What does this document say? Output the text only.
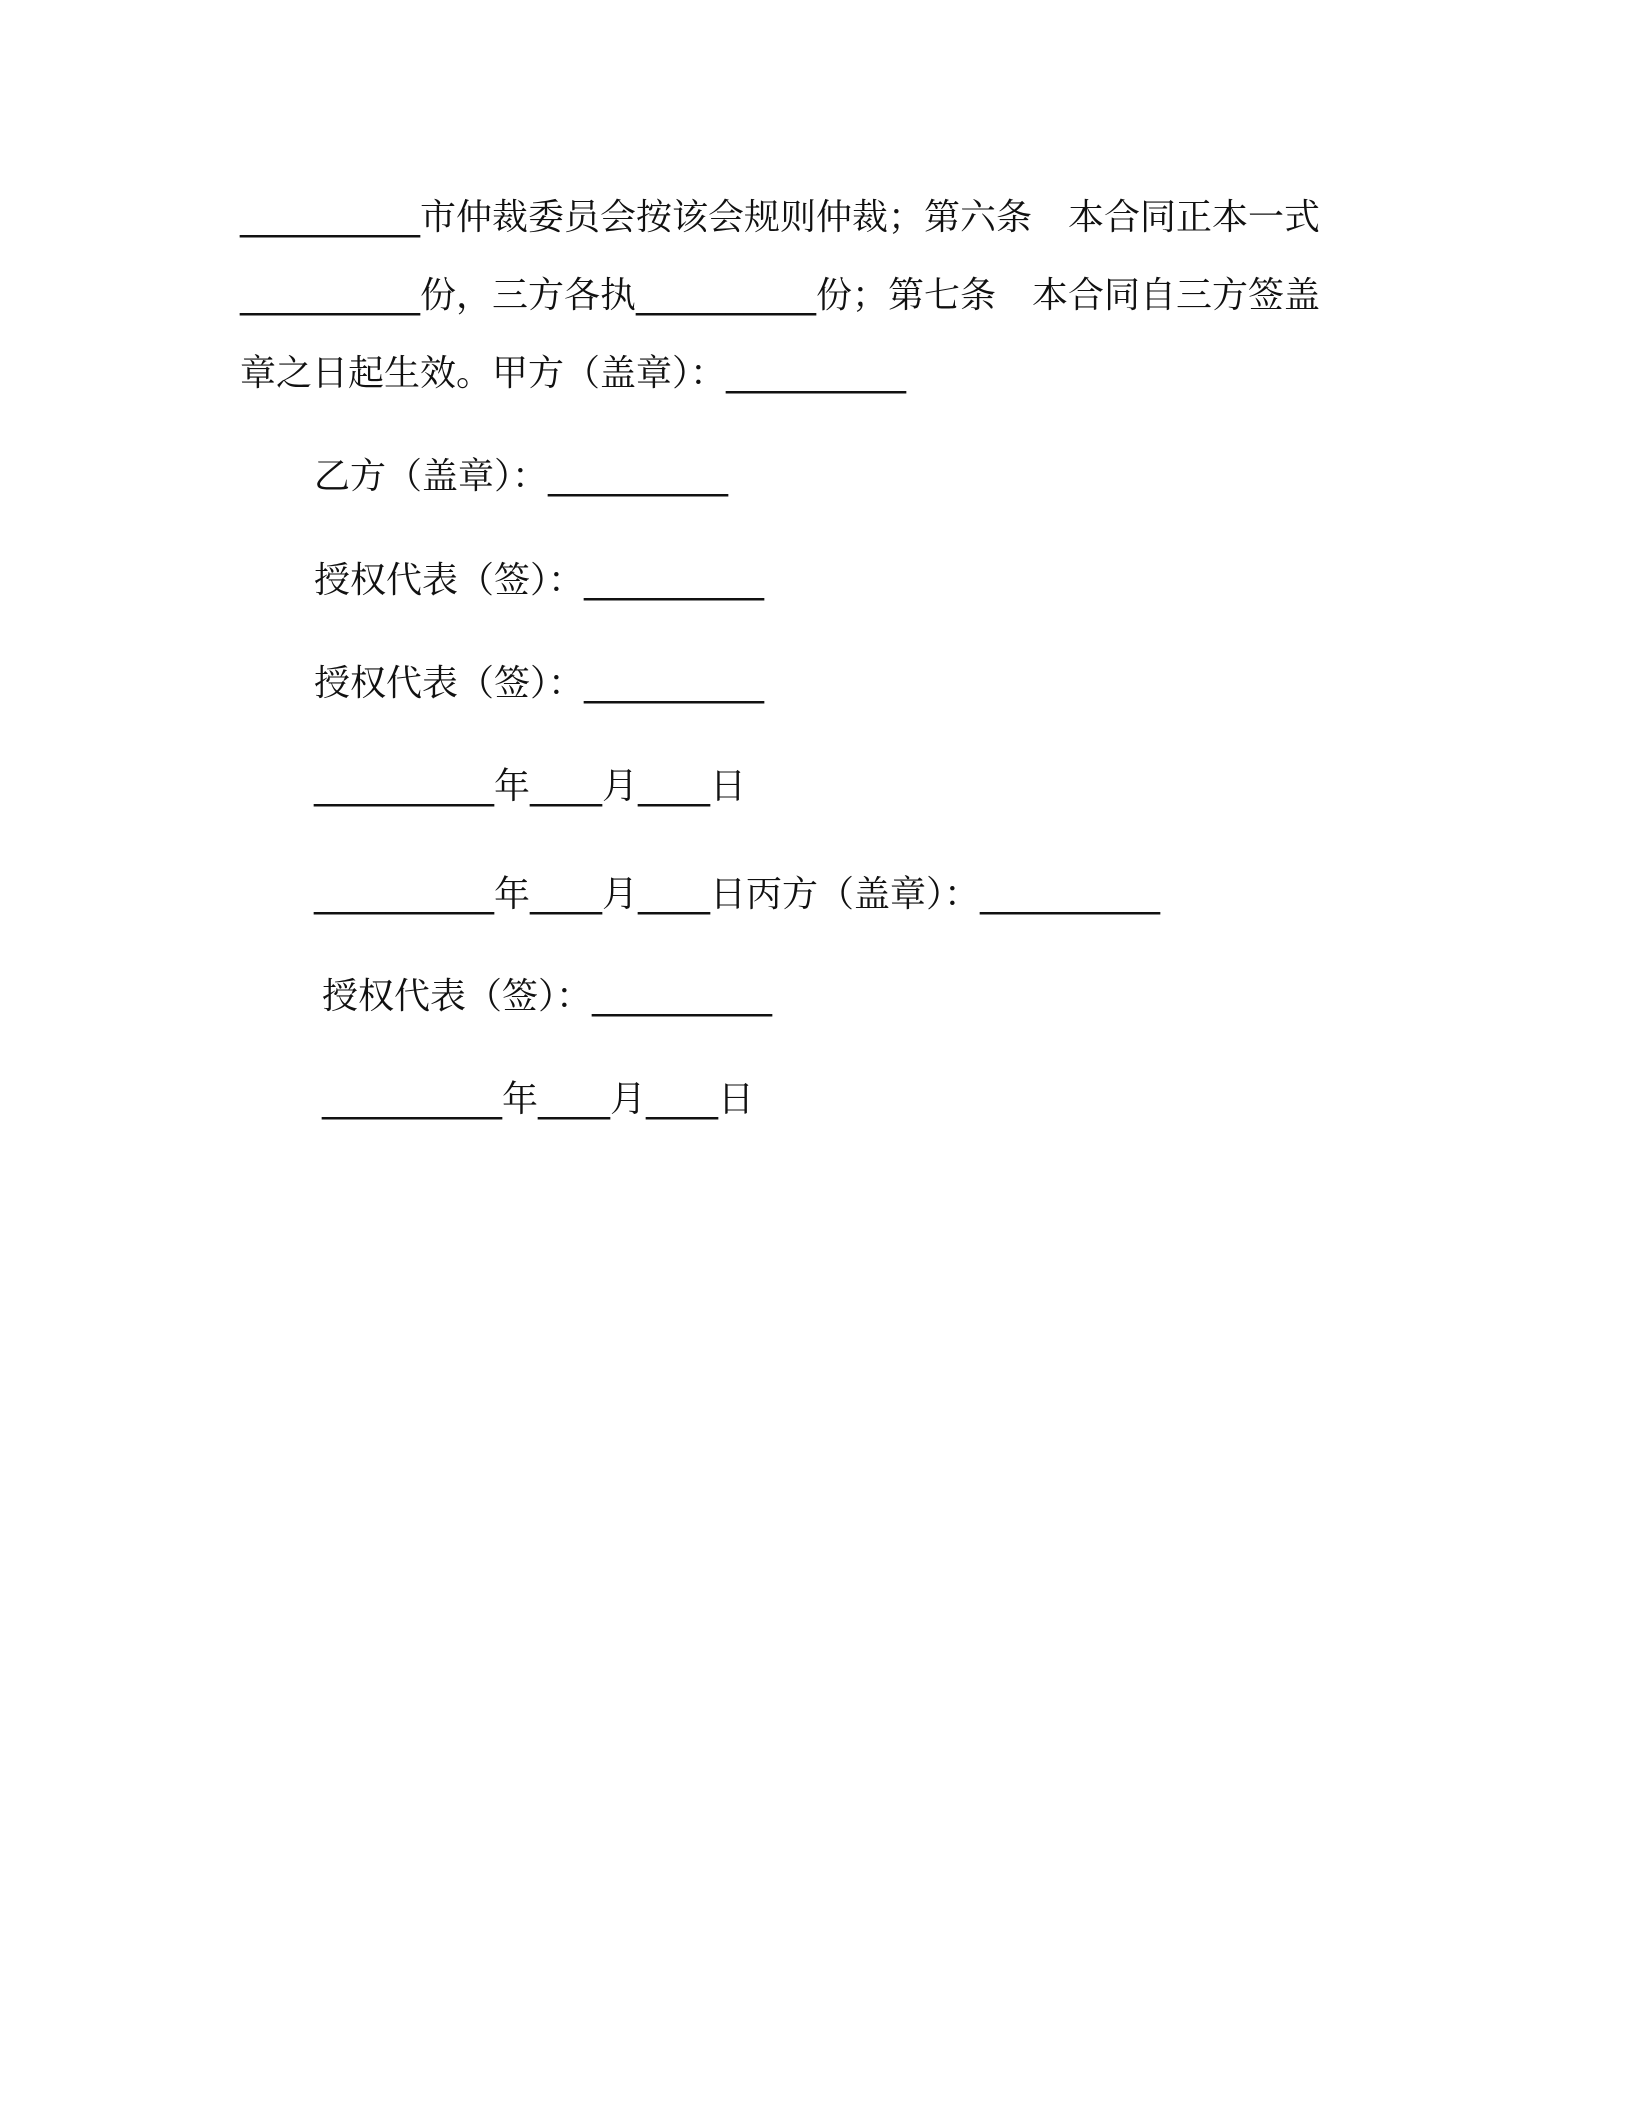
__________市仲裁委员会按该会规则仲裁；第六条　本合同正本一式
__________份，三方各执__________份；第七条　本合同自三方签盖
章之日起生效。甲方（盖章）：__________
乙方（盖章）：__________
授权代表（签）：__________
授权代表（签）：__________
__________年____月____日
__________年____月____日丙方（盖章）：__________
授权代表（签）：__________
__________年____月____日
